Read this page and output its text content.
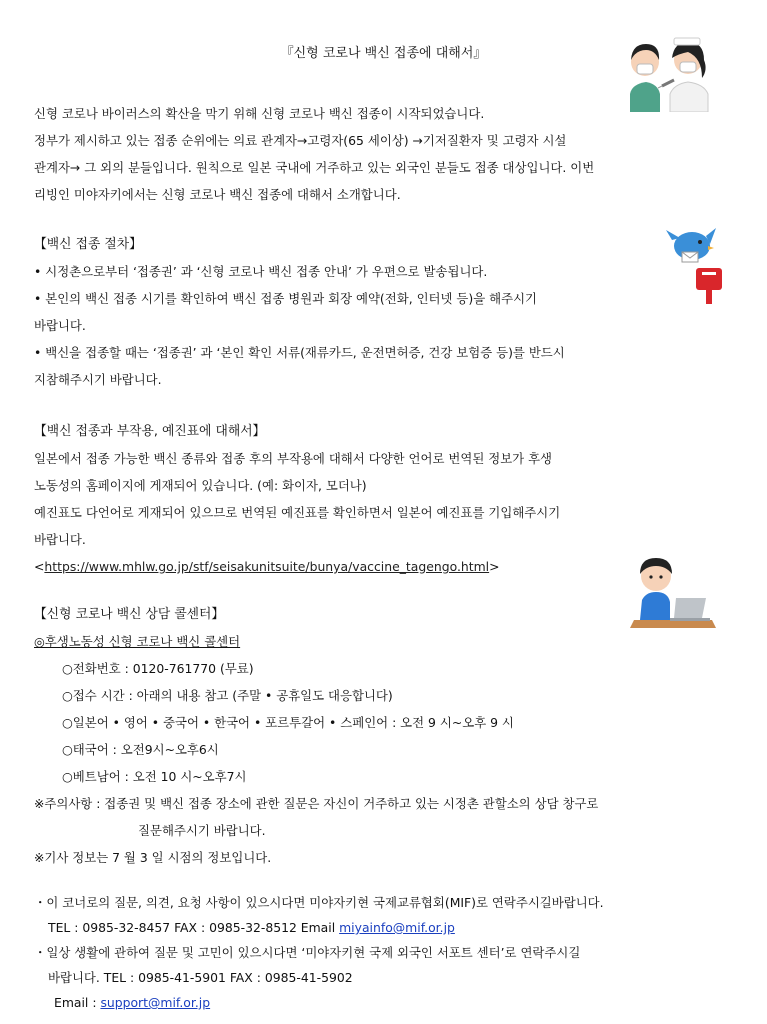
『신형 코로나 백신 접종에 대해서』
신형 코로나 바이러스의 확산을 막기 위해 신형 코로나 백신 접종이 시작되었습니다.
정부가 제시하고 있는 접종 순위에는 의료 관계자→고령자(65 세이상) →기저질환자 및 고령자 시설
관계자→ 그 외의 분들입니다. 원칙으로 일본 국내에 거주하고 있는 외국인 분들도 접종 대상입니다. 이번
리빙인 미야자키에서는 신형 코로나 백신 접종에 대해서 소개합니다.
【백신 접종 절차】
• 시정촌으로부터 ‘접종권’ 과 ‘신형 코로나 백신 접종 안내’ 가 우편으로 발송됩니다.
• 본인의 백신 접종 시기를 확인하여 백신 접종 병원과 회장 예약(전화, 인터넷 등)을 해주시기
바랍니다.
• 백신을 접종할 때는 ‘접종권’ 과 ‘본인 확인 서류(재류카드, 운전면허증, 건강 보험증 등)를 반드시
지참해주시기 바랍니다.
【백신 접종과 부작용, 예진표에 대해서】
일본에서 접종 가능한 백신 종류와 접종 후의 부작용에 대해서 다양한 언어로 번역된 정보가 후생
노동성의 홈페이지에 게재되어 있습니다. (예: 화이자, 모더나)
예진표도 다언어로 게재되어 있으므로 번역된 예진표를 확인하면서 일본어 예진표를 기입해주시기
바랍니다.
<https://www.mhlw.go.jp/stf/seisakunitsuite/bunya/vaccine_tagengo.html>
【신형 코로나 백신 상담 콜센터】
◎후생노동성 신형 코로나 백신 콜센터
○전화번호 : 0120-761770 (무료)
○접수 시간 : 아래의 내용 참고 (주말 • 공휴일도 대응합니다)
○일본어 • 영어 • 중국어 • 한국어 • 포르투갈어 • 스페인어 : 오전 9 시~오후 9 시
○태국어 : 오전9시~오후6시
○베트남어 : 오전 10 시~오후7시
※주의사항 : 접종권 및 백신 접종 장소에 관한 질문은 자신이 거주하고 있는 시정촌 관할소의 상담 창구로
질문해주시기 바랍니다.
※기사 정보는 7 월 3 일 시점의 정보입니다.
・이 코너로의 질문, 의견, 요청 사항이 있으시다면 미야자키현 국제교류협회(MIF)로 연락주시길바랍니다.
TEL : 0985-32-8457 FAX : 0985-32-8512 Email miyainfo@mif.or.jp
・일상 생활에 관하여 질문 및 고민이 있으시다면 ‘미야자키현 국제 외국인 서포트 센터’로 연락주시길
바랍니다. TEL : 0985-41-5901 FAX : 0985-41-5902
Email : support@mif.or.jp
